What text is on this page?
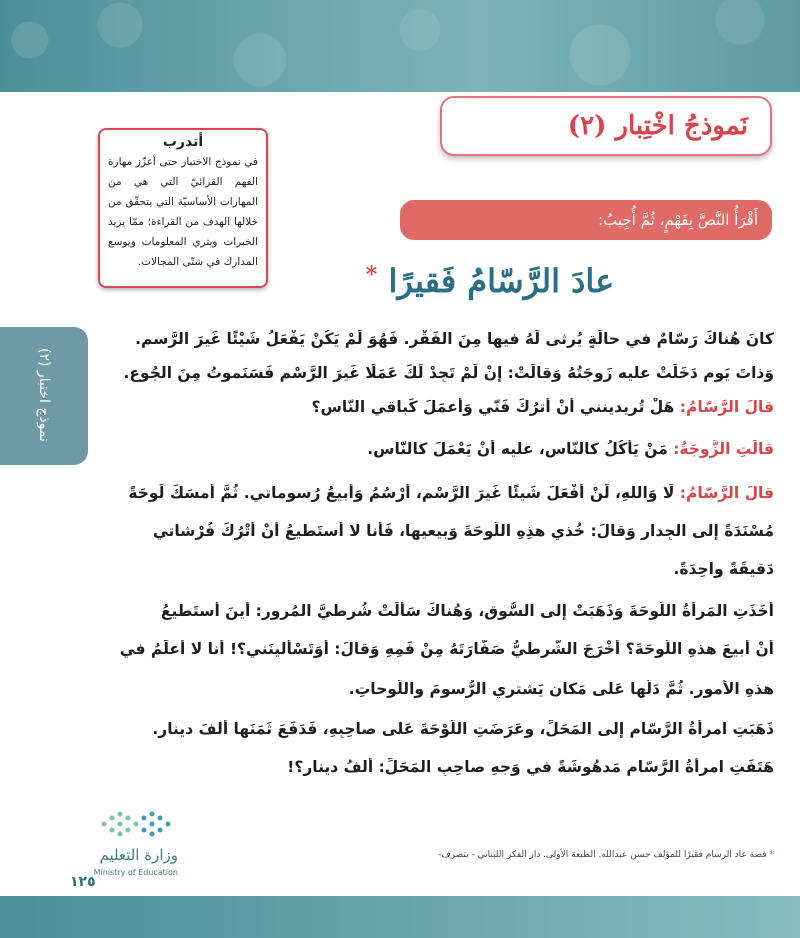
نموذج اختبار (٢)
نَموذجُ اخْتِبار (٢)
أتدرب
في نموذج الاختبار حتى أعزّز مهارة الفهم القرائيّ التي هي من المهارات الأساسيّة التي يتحقّق من خلالها الهدف من القراءة؛ ممّا يزيد الخبرات ويثري المعلومات ويوسع المدارك في شتّى المجالات.
أَقْرَأُ النَّصَّ بِفَهْمٍ، ثُمَّ أُجِيبُ:
عادَ الرَّسّامُ فَقيرًا *
كانَ هُناكَ رَسّامٌ في حالَةٍ يُرثى لَهُ فيها مِنَ الفَقْرِ. فَهُوَ لَمْ يَكُنْ يَفْعَلُ شَيْئًا غَيرَ الرَّسمِ.
وَذاتَ يَومٍ دَخَلَتْ عليه زَوجَتُهُ وَقالَتْ: إنْ لَمْ تَجِدْ لَكَ عَمَلًا غَيرَ الرَّسْمِ فَسَنَموتُ مِنَ الجُوعِ.
قالَ الرَّسّامُ: هَلْ تُريدينني أَنْ أَترُكَ فَنّي وَأَعمَلَ كَباقي النّاسِ؟
قالَتِ الزَّوجَةُ: مَنْ يَأكُلُ كالنّاسِ، عليه أَنْ يَعْمَلَ كالنّاسِ.
قالَ الرَّسّامُ: لَا وَاللهِ، لَنْ أَفْعَلَ شَيئًا غَيرَ الرَّسْمِ، أَرْسُمُ وَأَبيعُ رُسوماتي. ثُمَّ أَمسَكَ لَوحَةً
مُسْنَدَةً إلى الجِدارِ وَقالَ: خُذي هذِهِ اللَّوحَةَ وَبيعيها، فَأَنا لا أَستَطيعُ أَنْ أَتْرُكَ فُرْشاتي
دَقيقَةً واحِدَةً.
أَخَذَتِ المَرأَةُ اللَّوحَةَ وَذَهَبَتْ إلى السُّوقِ، وَهُناكَ سَأَلَتْ شُرطيَّ المُرورِ: أَينَ أَستَطيعُ
أَنْ أَبيعَ هذهِ اللَّوحَةَ؟ أَخْرَجَ الشُّرطيُّ صَفّارَتَهُ مِنْ فَمِهِ وَقالَ: أَوَتَسْأَلينَني؟! أنا لا أَعلَمُ في
هذهِ الأُمورِ. ثُمَّ دَلَّها عَلى مَكانٍ يَشتري الرُّسومَ واللَّوحاتِ.
ذَهَبَتِ امرأةُ الرَّسّامِ إلى المَحَلِّ، وعَرَضَتِ اللَّوْحَةَ عَلى صاحِبِهِ، فَدَفَعَ ثَمَنَها أَلفَ دينارٍ.
هَتَفَتِ امرأةُ الرَّسّامِ مَدهُوشَةً في وَجهِ صاحِبِ المَحَلِّ: أَلفُ دينارٍ؟!
* قصة عاد الرسام فقيرًا للمؤلف حسن عبدالله. الطبعة الأولى. دار الفكر اللبناني - بتصرف-
وزارة التعليم
Ministry of Education
١٢٥
